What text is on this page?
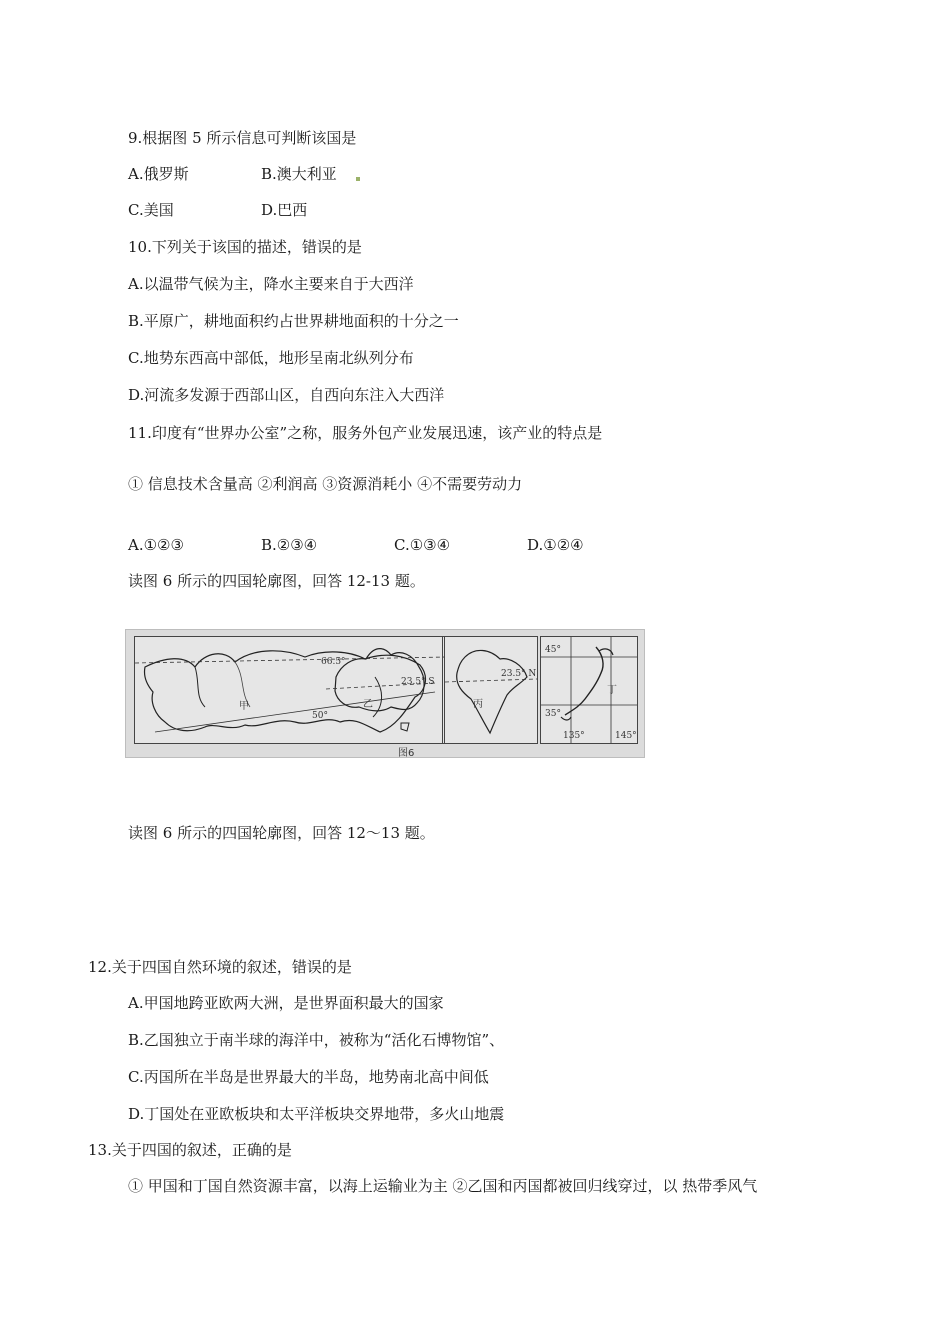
9.根据图 5 所示信息可判断该国是
A.俄罗斯	B.澳大利亚
C.美国	D.巴西
10.下列关于该国的描述，错误的是
A.以温带气候为主，降水主要来自于大西洋
B.平原广，耕地面积约占世界耕地面积的十分之一
C.地势东西高中部低，地形呈南北纵列分布
D.河流多发源于西部山区，自西向东注入大西洋
11.印度有“世界办公室”之称，服务外包产业发展迅速，该产业的特点是
① 信息技术含量高 ②利润高 ③资源消耗小 ④不需要劳动力
A.①②③	B.②③④	C.①③④	D.①②④
读图 6 所示的四国轮廓图，回答 12-13 题。
甲
66.5°
50°
乙
23.5° S
丙
23.5° N
45°
35°
135°	145°
丁
图6
读图 6 所示的四国轮廓图，回答 12～13 题。
12.关于四国自然环境的叙述，错误的是
A.甲国地跨亚欧两大洲，是世界面积最大的国家
B.乙国独立于南半球的海洋中，被称为“活化石博物馆”、
C.丙国所在半岛是世界最大的半岛，地势南北高中间低
D.丁国处在亚欧板块和太平洋板块交界地带，多火山地震
13.关于四国的叙述，正确的是
① 甲国和丁国自然资源丰富，以海上运输业为主 ②乙国和丙国都被回归线穿过，以 热带季风气
